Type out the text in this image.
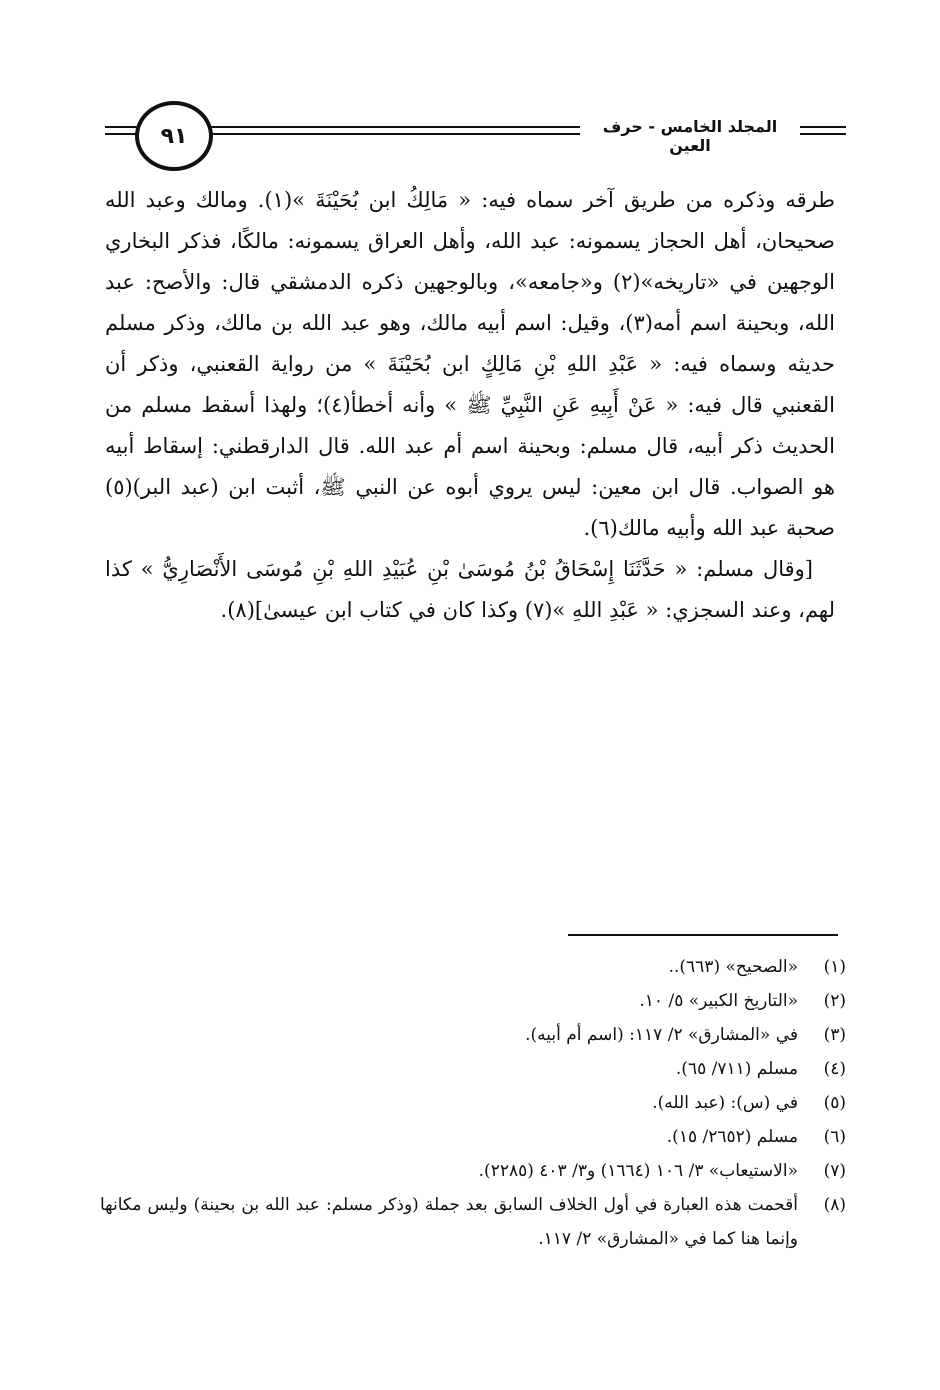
المجلد الخامس - حرف العين
٩١

طرقه وذكره من طريق آخر سماه فيه: « مَالِكُ ابن بُحَيْنَةَ »(١). ومالك وعبد الله صحيحان، أهل الحجاز يسمونه: عبد الله، وأهل العراق يسمونه: مالكًا، فذكر البخاري الوجهين في «تاريخه»(٢) و«جامعه»، وبالوجهين ذكره الدمشقي قال: والأصح: عبد الله، وبحينة اسم أمه(٣)، وقيل: اسم أبيه مالك، وهو عبد الله بن مالك، وذكر مسلم حديثه وسماه فيه: « عَبْدِ اللهِ بْنِ مَالِكٍ ابن بُحَيْنَةَ » من رواية القعنبي، وذكر أن القعنبي قال فيه: « عَنْ أَبِيهِ عَنِ النَّبِيِّ ﷺ » وأنه أخطأ(٤)؛ ولهذا أسقط مسلم من الحديث ذكر أبيه، قال مسلم: وبحينة اسم أم عبد الله. قال الدارقطني: إسقاط أبيه هو الصواب. قال ابن معين: ليس يروي أبوه عن النبي ﷺ، أثبت ابن (عبد البر)(٥) صحبة عبد الله وأبيه مالك(٦).

[وقال مسلم: « حَدَّثَنَا إِسْحَاقُ بْنُ مُوسَىٰ بْنِ عُبَيْدِ اللهِ بْنِ مُوسَى الأَنْصَارِيُّ » كذا لهم، وعند السجزي: « عَبْدِ اللهِ »(٧) وكذا كان في كتاب ابن عيسىٰ](٨).

(١)
«الصحيح» (٦٦٣)..
(٢)
«التاريخ الكبير» ٥/ ١٠.
(٣)
في «المشارق» ٢/ ١١٧: (اسم أم أبيه).
(٤)
مسلم (٧١١/ ٦٥).
(٥)
في (س): (عبد الله).
(٦)
مسلم (٢٦٥٢/ ١٥).
(٧)
«الاستيعاب» ٣/ ١٠٦ (١٦٦٤) و٣/ ٤٠٣ (٢٢٨٥).
(٨)
أقحمت هذه العبارة في أول الخلاف السابق بعد جملة (وذكر مسلم: عبد الله بن بحينة) وليس مكانها وإنما هنا كما في «المشارق» ٢/ ١١٧.
